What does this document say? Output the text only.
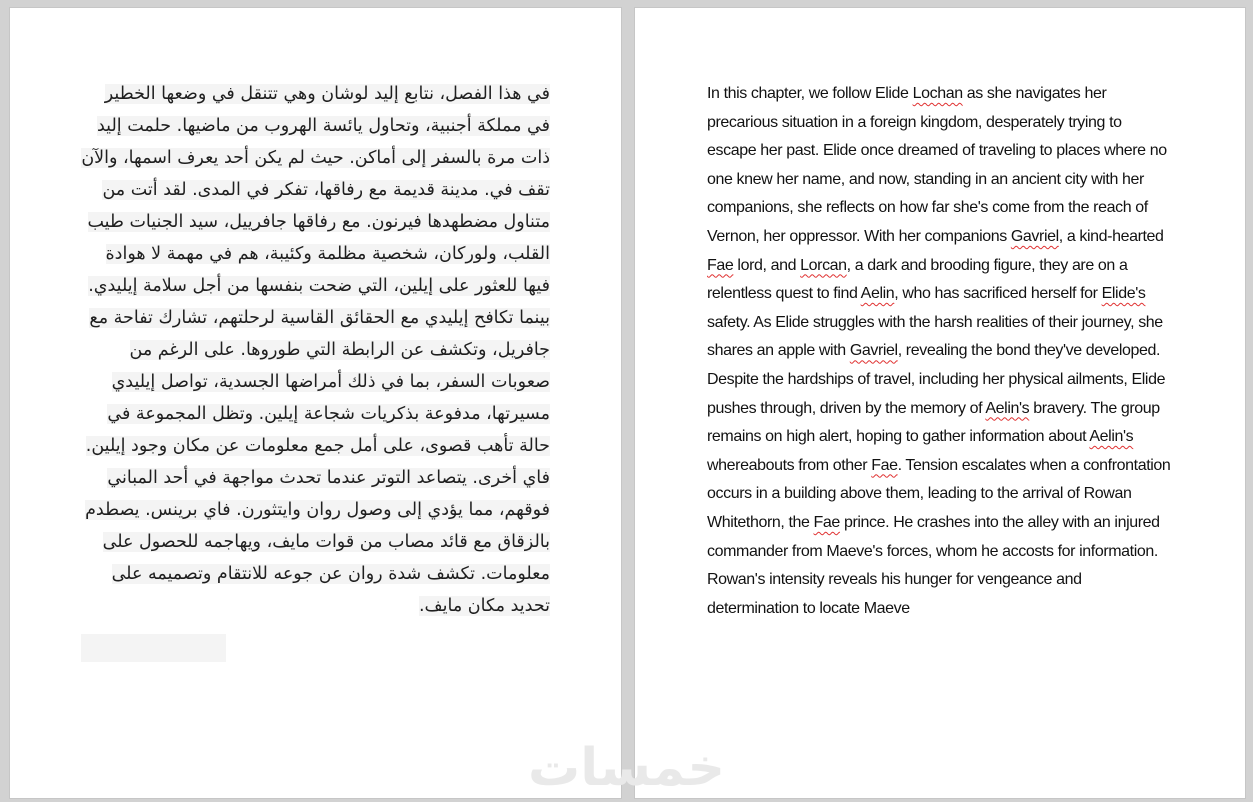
في هذا الفصل، نتابع إليد لوشان وهي تتنقل في وضعها الخطير في مملكة أجنبية، وتحاول يائسة الهروب من ماضيها. حلمت إليد ذات مرة بالسفر إلى أماكن. حيث لم يكن أحد يعرف اسمها، والآن تقف في. مدينة قديمة مع رفاقها، تفكر في المدى. لقد أتت من متناول مضطهدها فيرنون. مع رفاقها جافرييل، سيد الجنيات طيب القلب، ولوركان، شخصية مظلمة وكئيبة، هم في مهمة لا هوادة فيها للعثور على إيلين، التي ضحت بنفسها من أجل سلامة إيليدي. بينما تكافح إيليدي مع الحقائق القاسية لرحلتهم، تشارك تفاحة مع جافريل، وتكشف عن الرابطة التي طوروها. على الرغم من صعوبات السفر، بما في ذلك أمراضها الجسدية، تواصل إيليدي مسيرتها، مدفوعة بذكريات شجاعة إيلين. وتظل المجموعة في حالة تأهب قصوى، على أمل جمع معلومات عن مكان وجود إيلين. فاي أخرى. يتصاعد التوتر عندما تحدث مواجهة في أحد المباني فوقهم، مما يؤدي إلى وصول روان وايتثورن. فاي برينس. يصطدم بالزقاق مع قائد مصاب من قوات مايف، ويهاجمه للحصول على معلومات. تكشف شدة روان عن جوعه للانتقام وتصميمه على تحديد مكان مايف.

In this chapter, we follow Elide Lochan as she navigates her precarious situation in a foreign kingdom, desperately trying to escape her past. Elide once dreamed of traveling to places where no one knew her name, and now, standing in an ancient city with her companions, she reflects on how far she's come from the reach of Vernon, her oppressor. With her companions Gavriel, a kind-hearted Fae lord, and Lorcan, a dark and brooding figure, they are on a relentless quest to find Aelin, who has sacrificed herself for Elide's safety. As Elide struggles with the harsh realities of their journey, she shares an apple with Gavriel, revealing the bond they've developed. Despite the hardships of travel, including her physical ailments, Elide pushes through, driven by the memory of Aelin's bravery. The group remains on high alert, hoping to gather information about Aelin's whereabouts from other Fae. Tension escalates when a confrontation occurs in a building above them, leading to the arrival of Rowan Whitethorn, the Fae prince. He crashes into the alley with an injured commander from Maeve's forces, whom he accosts for information. Rowan's intensity reveals his hunger for vengeance and determination to locate Maeve

خمسات
